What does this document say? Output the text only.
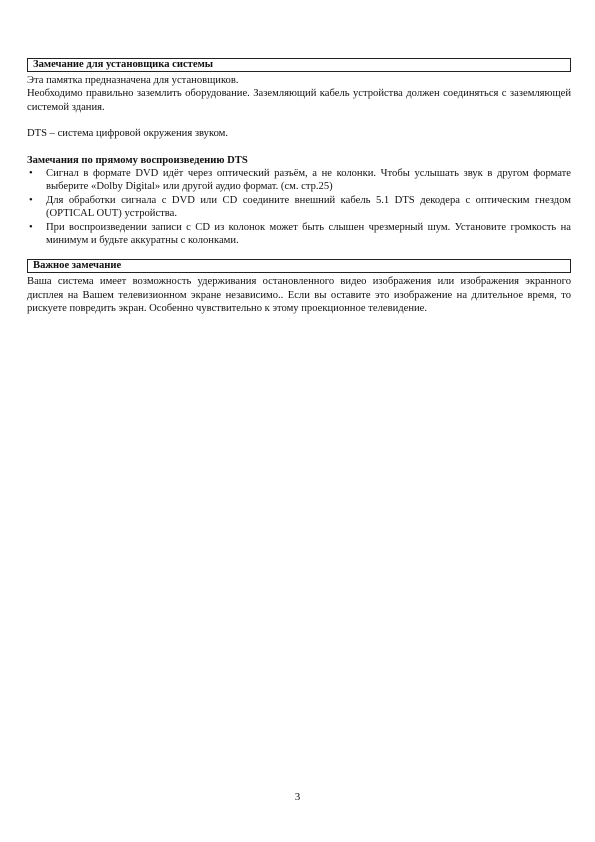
Замечание для установщика системы

Эта памятка предназначена для установщиков.

Необходимо правильно заземлить оборудование. Заземляющий кабель устройства должен соединяться с заземляющей системой здания.

DTS – система цифровой окружения звуком.

Замечания по прямому воспроизведению DTS

• Сигнал в формате DVD идёт через оптический разъём, а не колонки. Чтобы услышать звук в другом формате выберите «Dolby Digital» или другой аудио формат. (см. стр.25)
• Для обработки сигнала с DVD или CD соедините внешний кабель 5.1 DTS декодера с оптическим гнездом (OPTICAL OUT) устройства.
• При воспроизведении записи с CD из колонок может быть слышен чрезмерный шум. Установите громкость на минимум и будьте аккуратны с колонками.
Важное замечание

Ваша система имеет возможность удерживания остановленного видео изображения или изображения экранного дисплея на Вашем телевизионном экране независимо.. Если вы оставите это изображение на длительное время, то рискуете повредить экран. Особенно чувствительно к этому проекционное телевидение.

3
